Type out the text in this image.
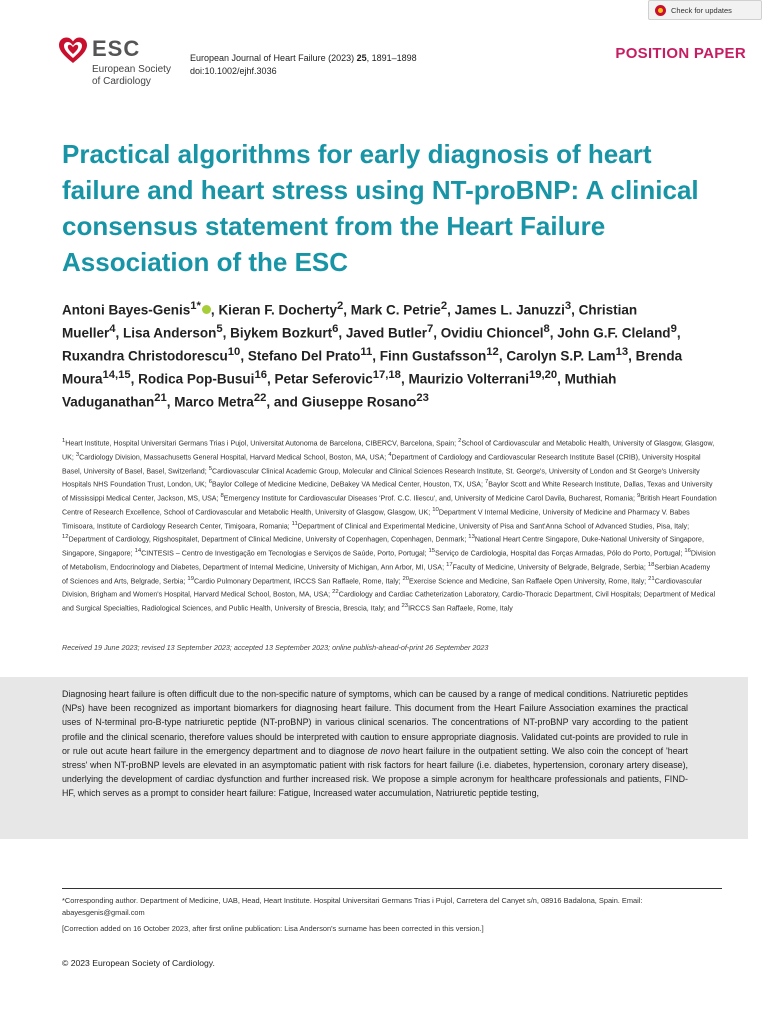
Check for updates
ESC
European Society
of Cardiology
European Journal of Heart Failure (2023) 25, 1891–1898
doi:10.1002/ejhf.3036
POSITION PAPER
Practical algorithms for early diagnosis of heart failure and heart stress using NT-proBNP: A clinical consensus statement from the Heart Failure Association of the ESC
Antoni Bayes-Genis$^{1*}$ , Kieran F. Docherty$^2$, Mark C. Petrie$^2$, James L. Januzzi$^3$, Christian Mueller$^4$, Lisa Anderson$^5$, Biykem Bozkurt$^6$, Javed Butler$^7$, Ovidiu Chioncel$^8$, John G.F. Cleland$^9$, Ruxandra Christodorescu$^{10}$, Stefano Del Prato$^{11}$, Finn Gustafsson$^{12}$, Carolyn S.P. Lam$^{13}$, Brenda Moura$^{14,15}$, Rodica Pop-Busui$^{16}$, Petar Seferovic$^{17,18}$, Maurizio Volterrani$^{19,20}$, Muthiah Vaduganathan$^{21}$, Marco Metra$^{22}$, and Giuseppe Rosano$^{23}$
$^1$Heart Institute, Hospital Universitari Germans Trias i Pujol, Universitat Autonoma de Barcelona, CIBERCV, Barcelona, Spain; $^2$School of Cardiovascular and Metabolic Health, University of Glasgow, Glasgow, UK; $^3$Cardiology Division, Massachusetts General Hospital, Harvard Medical School, Boston, MA, USA; $^4$Department of Cardiology and Cardiovascular Research Institute Basel (CRIB), University Hospital Basel, University of Basel, Basel, Switzerland; $^5$Cardiovascular Clinical Academic Group, Molecular and Clinical Sciences Research Institute, St. George's, University of London and St George's University Hospitals NHS Foundation Trust, London, UK; $^6$Baylor College of Medicine Medicine, DeBakey VA Medical Center, Houston, TX, USA; $^7$Baylor Scott and White Research Institute, Dallas, Texas and University of Mississippi Medical Center, Jackson, MS, USA; $^8$Emergency Institute for Cardiovascular Diseases 'Prof. C.C. Iliescu', and, University of Medicine Carol Davila, Bucharest, Romania; $^9$British Heart Foundation Centre of Research Excellence, School of Cardiovascular and Metabolic Health, University of Glasgow, Glasgow, UK; $^{10}$Department V Internal Medicine, University of Medicine and Pharmacy V. Babes Timisoara, Institute of Cardiology Research Center, Timişoara, Romania; $^{11}$Department of Clinical and Experimental Medicine, University of Pisa and Sant'Anna School of Advanced Studies, Pisa, Italy; $^{12}$Department of Cardiology, Rigshospitalet, Department of Clinical Medicine, University of Copenhagen, Copenhagen, Denmark; $^{13}$National Heart Centre Singapore, Duke-National University of Singapore, Singapore, Singapore; $^{14}$CINTESIS – Centro de Investigação em Tecnologias e Serviços de Saúde, Porto, Portugal; $^{15}$Serviço de Cardiologia, Hospital das Forças Armadas, Pólo do Porto, Portugal; $^{16}$Division of Metabolism, Endocrinology and Diabetes, Department of Internal Medicine, University of Michigan, Ann Arbor, MI, USA; $^{17}$Faculty of Medicine, University of Belgrade, Belgrade, Serbia; $^{18}$Serbian Academy of Sciences and Arts, Belgrade, Serbia; $^{19}$Cardio Pulmonary Department, IRCCS San Raffaele, Rome, Italy; $^{20}$Exercise Science and Medicine, San Raffaele Open University, Rome, Italy; $^{21}$Cardiovascular Division, Brigham and Women's Hospital, Harvard Medical School, Boston, MA, USA; $^{22}$Cardiology and Cardiac Catheterization Laboratory, Cardio-Thoracic Department, Civil Hospitals; Department of Medical and Surgical Specialties, Radiological Sciences, and Public Health, University of Brescia, Brescia, Italy; and $^{23}$IRCCS San Raffaele, Rome, Italy
Received 19 June 2023; revised 13 September 2023; accepted 13 September 2023; online publish-ahead-of-print 26 September 2023
Diagnosing heart failure is often difficult due to the non-specific nature of symptoms, which can be caused by a range of medical conditions. Natriuretic peptides (NPs) have been recognized as important biomarkers for diagnosing heart failure. This document from the Heart Failure Association examines the practical uses of N-terminal pro-B-type natriuretic peptide (NT-proBNP) in various clinical scenarios. The concentrations of NT-proBNP vary according to the patient profile and the clinical scenario, therefore values should be interpreted with caution to ensure appropriate diagnosis. Validated cut-points are provided to rule in or rule out acute heart failure in the emergency department and to diagnose de novo heart failure in the outpatient setting. We also coin the concept of 'heart stress' when NT-proBNP levels are elevated in an asymptomatic patient with risk factors for heart failure (i.e. diabetes, hypertension, coronary artery disease), underlying the development of cardiac dysfunction and further increased risk. We propose a simple acronym for healthcare professionals and patients, FIND-HF, which serves as a prompt to consider heart failure: Fatigue, Increased water accumulation, Natriuretic peptide testing,
*Corresponding author. Department of Medicine, UAB, Head, Heart Institute. Hospital Universitari Germans Trias i Pujol, Carretera del Canyet s/n, 08916 Badalona, Spain. Email: abayesgenis@gmail.com
[Correction added on 16 October 2023, after first online publication: Lisa Anderson's surname has been corrected in this version.]
© 2023 European Society of Cardiology.
